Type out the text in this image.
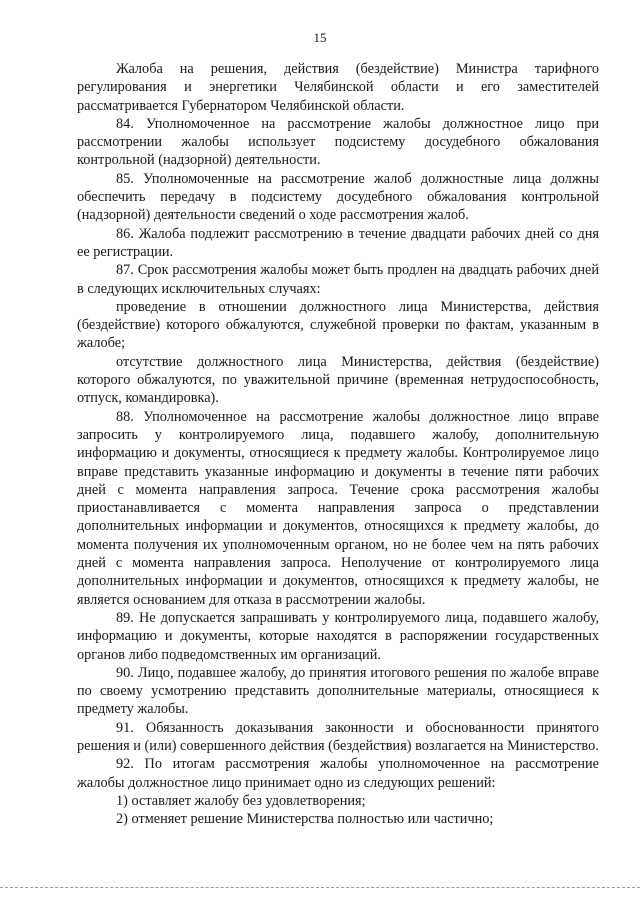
15

Жалоба на решения, действия (бездействие) Министра тарифного регулирования и энергетики Челябинской области и его заместителей рассматривается Губернатором Челябинской области.

84. Уполномоченное на рассмотрение жалобы должностное лицо при рассмотрении жалобы использует подсистему досудебного обжалования контрольной (надзорной) деятельности.

85. Уполномоченные на рассмотрение жалоб должностные лица должны обеспечить передачу в подсистему досудебного обжалования контрольной (надзорной) деятельности сведений о ходе рассмотрения жалоб.

86. Жалоба подлежит рассмотрению в течение двадцати рабочих дней со дня ее регистрации.

87. Срок рассмотрения жалобы может быть продлен на двадцать рабочих дней в следующих исключительных случаях:

проведение в отношении должностного лица Министерства, действия (бездействие) которого обжалуются, служебной проверки по фактам, указанным в жалобе;

отсутствие должностного лица Министерства, действия (бездействие) которого обжалуются, по уважительной причине (временная нетрудоспособность, отпуск, командировка).

88. Уполномоченное на рассмотрение жалобы должностное лицо вправе запросить у контролируемого лица, подавшего жалобу, дополнительную информацию и документы, относящиеся к предмету жалобы. Контролируемое лицо вправе представить указанные информацию и документы в течение пяти рабочих дней с момента направления запроса. Течение срока рассмотрения жалобы приостанавливается с момента направления запроса о представлении дополнительных информации и документов, относящихся к предмету жалобы, до момента получения их уполномоченным органом, но не более чем на пять рабочих дней с момента направления запроса. Неполучение от контролируемого лица дополнительных информации и документов, относящихся к предмету жалобы, не является основанием для отказа в рассмотрении жалобы.

89. Не допускается запрашивать у контролируемого лица, подавшего жалобу, информацию и документы, которые находятся в распоряжении государственных органов либо подведомственных им организаций.

90. Лицо, подавшее жалобу, до принятия итогового решения по жалобе вправе по своему усмотрению представить дополнительные материалы, относящиеся к предмету жалобы.

91. Обязанность доказывания законности и обоснованности принятого решения и (или) совершенного действия (бездействия) возлагается на Министерство.

92. По итогам рассмотрения жалобы уполномоченное на рассмотрение жалобы должностное лицо принимает одно из следующих решений:

1) оставляет жалобу без удовлетворения;

2) отменяет решение Министерства полностью или частично;
